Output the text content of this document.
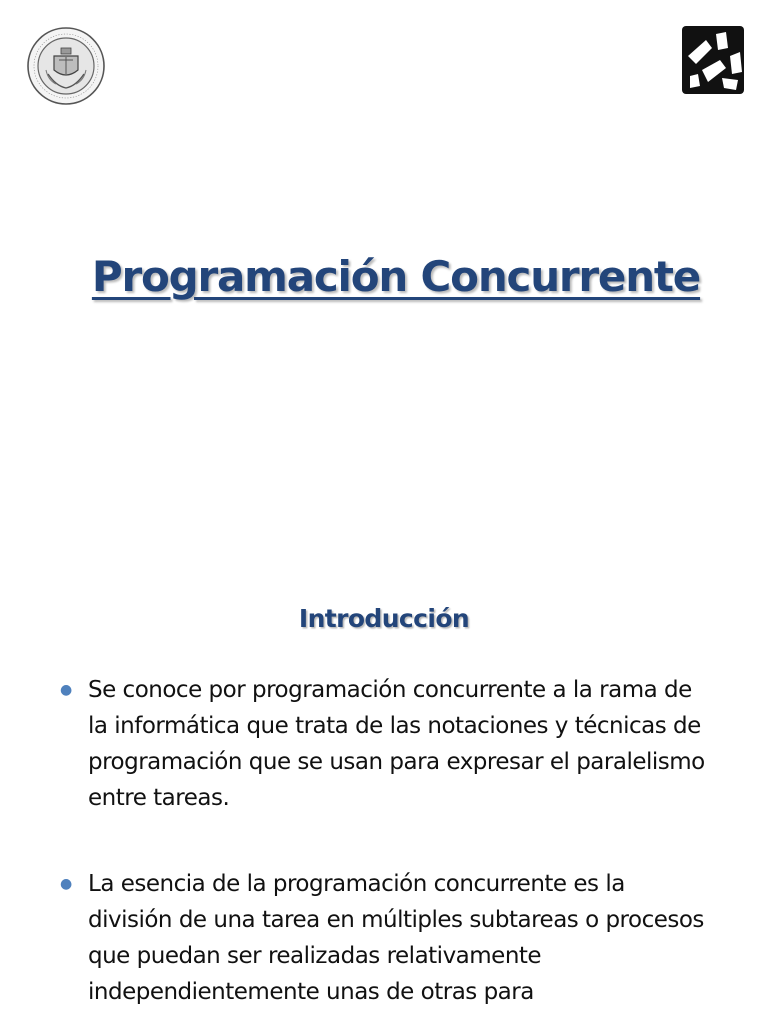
Programación Concurrente
Introducción
● Se conoce por programación concurrente a la rama de la informática que trata de las notaciones y técnicas de programación que se usan para expresar el paralelismo entre tareas.
● La esencia de la programación concurrente es la división de una tarea en múltiples subtareas o procesos que puedan ser realizadas relativamente independientemente unas de otras para
